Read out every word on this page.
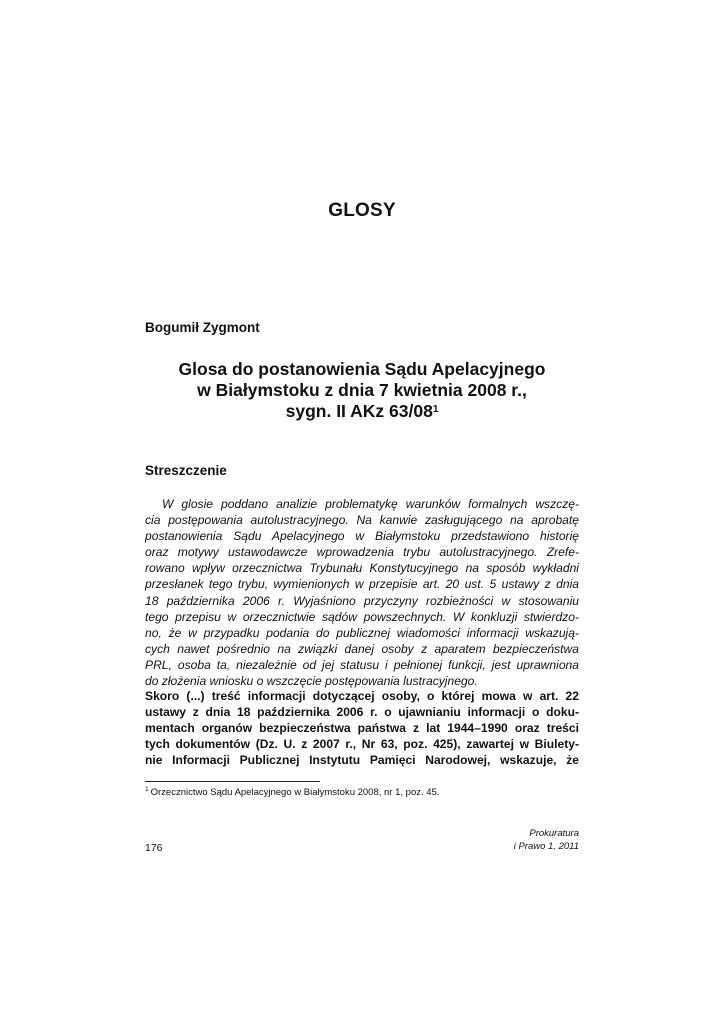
GLOSY
Bogumił Zygmont
Glosa do postanowienia Sądu Apelacyjnego
w Białymstoku z dnia 7 kwietnia 2008 r.,
sygn. II AKz $63/08^1$
Streszczenie
W glosie poddano analizie problematykę warunków formalnych wszczę-
cia postępowania autolustracyjnego. Na kanwie zasługującego na aprobatę
postanowienia Sądu Apelacyjnego w Białymstoku przedstawiono historię
oraz motywy ustawodawcze wprowadzenia trybu autolustracyjnego. Zrefe-
rowano wpływ orzecznictwa Trybunału Konstytucyjnego na sposób wykładni
przesłanek tego trybu, wymienionych w przepisie art. 20 ust. 5 ustawy z dnia
18 października 2006 r. Wyjaśniono przyczyny rozbieżności w stosowaniu
tego przepisu w orzecznictwie sądów powszechnych. W konkluzji stwierdzo-
no, że w przypadku podania do publicznej wiadomości informacji wskazują-
cych nawet pośrednio na związki danej osoby z aparatem bezpieczeństwa
PRL, osoba ta, niezależnie od jej statusu i pełnionej funkcji, jest uprawniona
do złożenia wniosku o wszczęcie postępowania lustracyjnego.
Skoro (...) treść informacji dotyczącej osoby, o której mowa w art. 22
ustawy z dnia 18 października 2006 r. o ujawnianiu informacji o doku-
mentach organów bezpieczeństwa państwa z lat 1944–1990 oraz treści
tych dokumentów (Dz. U. z 2007 r., Nr 63, poz. 425), zawartej w Biulety-
nie Informacji Publicznej Instytutu Pamięci Narodowej, wskazuje, że
$^1$ Orzecznictwo Sądu Apelacyjnego w Białymstoku 2008, nr 1, poz. 45.
176
Prokuratura
i Prawo 1, 2011
